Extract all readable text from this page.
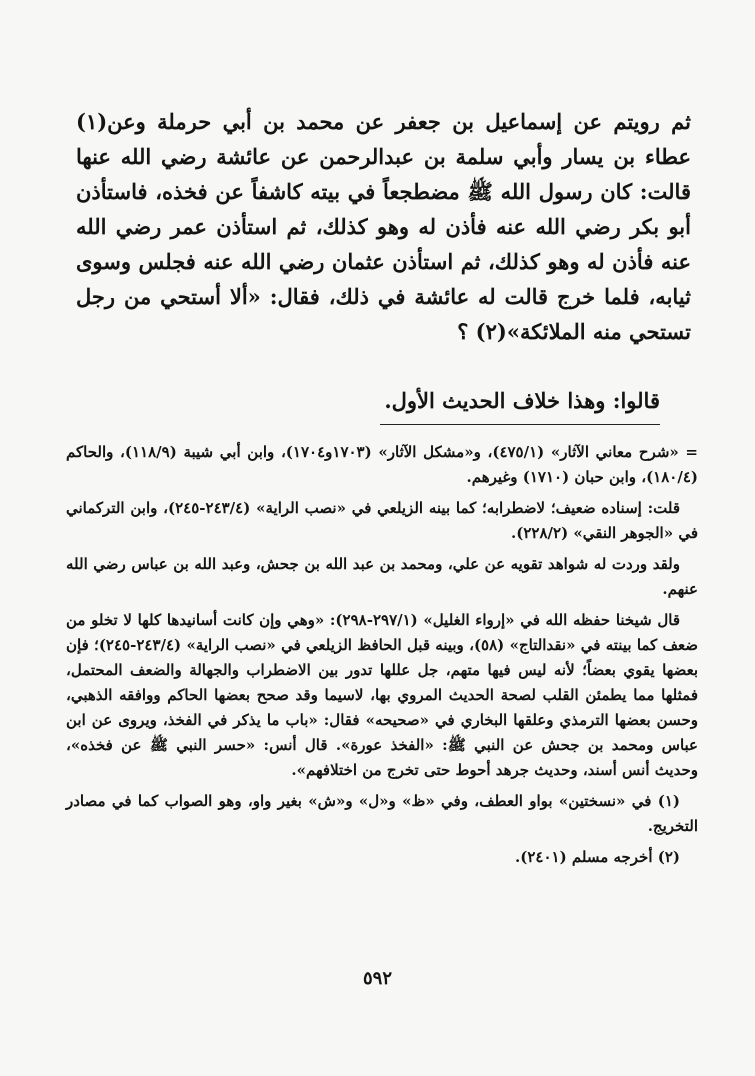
ثم رويتم عن إسماعيل بن جعفر عن محمد بن أبي حرملة وعن(١) عطاء بن يسار وأبي سلمة بن عبدالرحمن عن عائشة رضي الله عنها قالت: كان رسول الله ﷺ مضطجعاً في بيته كاشفاً عن فخذه، فاستأذن أبو بكر رضي الله عنه فأذن له وهو كذلك، ثم استأذن عمر رضي الله عنه فأذن له وهو كذلك، ثم استأذن عثمان رضي الله عنه فجلس وسوى ثيابه، فلما خرج قالت له عائشة في ذلك، فقال: «ألا أستحي من رجل تستحي منه الملائكة»(٢) ؟

قالوا: وهذا خلاف الحديث الأول.

= «شرح معاني الآثار» (٤٧٥/١)، و«مشكل الآثار» (١٧٠٣و١٧٠٤)، وابن أبي شيبة (١١٨/٩)، والحاكم (١٨٠/٤)، وابن حبان (١٧١٠) وغيرهم.

قلت: إسناده ضعيف؛ لاضطرابه؛ كما بينه الزيلعي في «نصب الراية» (٢٤٣/٤-٢٤٥)، وابن التركماني في «الجوهر النقي» (٢٢٨/٢).

ولقد وردت له شواهد تقويه عن علي، ومحمد بن عبد الله بن جحش، وعبد الله بن عباس رضي الله عنهم.

قال شيخنا حفظه الله في «إرواء الغليل» (٢٩٧/١-٢٩٨): «وهي وإن كانت أسانيدها كلها لا تخلو من ضعف كما بينته في «نقدالتاج» (٥٨)، وبينه قبل الحافظ الزيلعي في «نصب الراية» (٢٤٣/٤-٢٤٥)؛ فإن بعضها يقوي بعضاً؛ لأنه ليس فيها متهم، جل عللها تدور بين الاضطراب والجهالة والضعف المحتمل، فمثلها مما يطمئن القلب لصحة الحديث المروي بها، لاسيما وقد صحح بعضها الحاكم ووافقه الذهبي، وحسن بعضها الترمذي وعلقها البخاري في «صحيحه» فقال: «باب ما يذكر في الفخذ، ويروى عن ابن عباس ومحمد بن جحش عن النبي ﷺ: «الفخذ عورة». قال أنس: «حسر النبي ﷺ عن فخذه»، وحديث أنس أسند، وحديث جرهد أحوط حتى تخرج من اختلافهم».

(١) في «نسختين» بواو العطف، وفي «ظ» و«ل» و«ش» بغير واو، وهو الصواب كما في مصادر التخريج.

(٢) أخرجه مسلم (٢٤٠١).

٥٩٢
